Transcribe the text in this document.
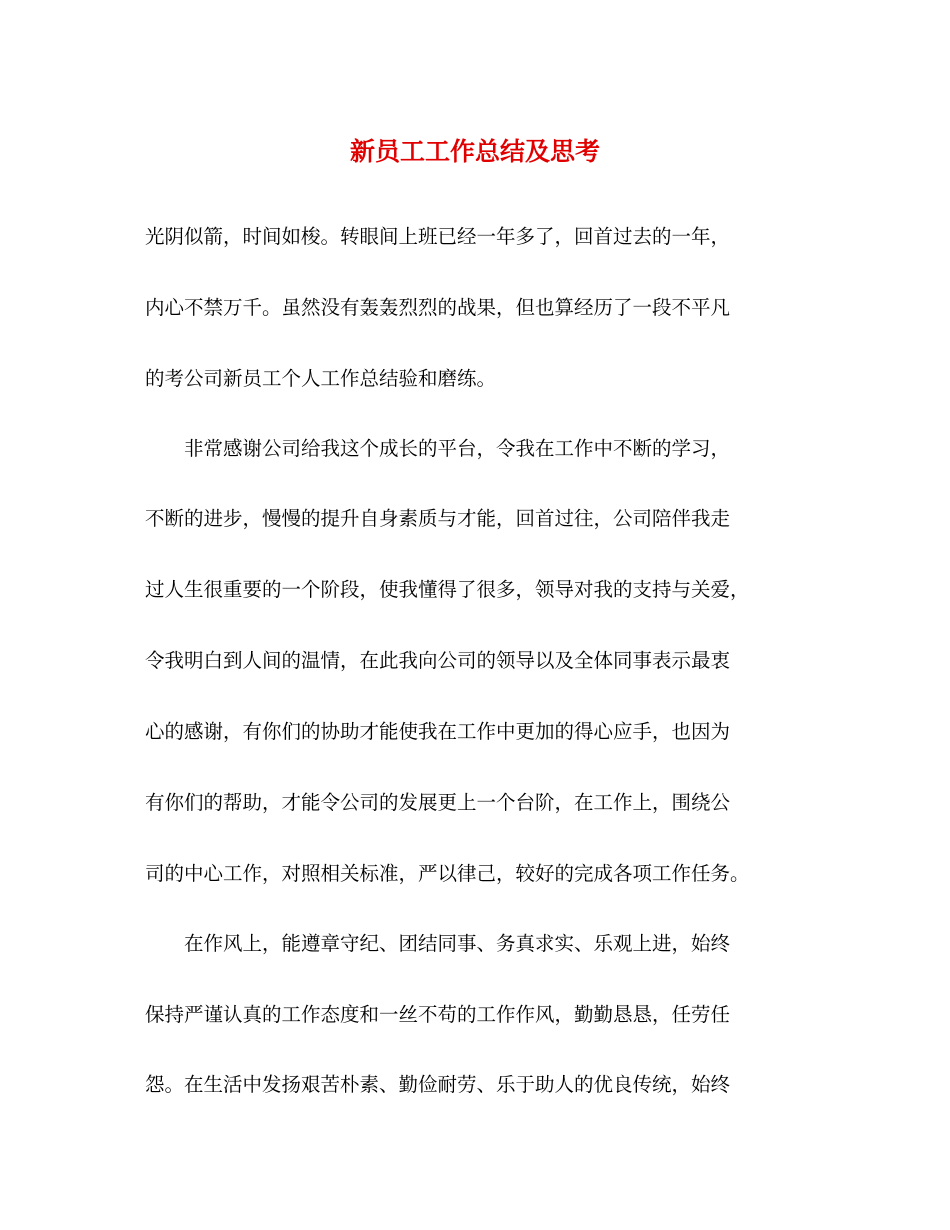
新员工工作总结及思考

光阴似箭，时间如梭。转眼间上班已经一年多了，回首过去的一年，

内心不禁万千。虽然没有轰轰烈烈的战果，但也算经历了一段不平凡

的考公司新员工个人工作总结验和磨练。

　　非常感谢公司给我这个成长的平台，令我在工作中不断的学习，

不断的进步，慢慢的提升自身素质与才能，回首过往，公司陪伴我走

过人生很重要的一个阶段，使我懂得了很多，领导对我的支持与关爱，

令我明白到人间的温情，在此我向公司的领导以及全体同事表示最衷

心的感谢，有你们的协助才能使我在工作中更加的得心应手，也因为

有你们的帮助，才能令公司的发展更上一个台阶，在工作上，围绕公

司的中心工作，对照相关标准，严以律己，较好的完成各项工作任务。

　　在作风上，能遵章守纪、团结同事、务真求实、乐观上进，始终

保持严谨认真的工作态度和一丝不苟的工作作风，勤勤恳恳，任劳任

怨。在生活中发扬艰苦朴素、勤俭耐劳、乐于助人的优良传统，始终
